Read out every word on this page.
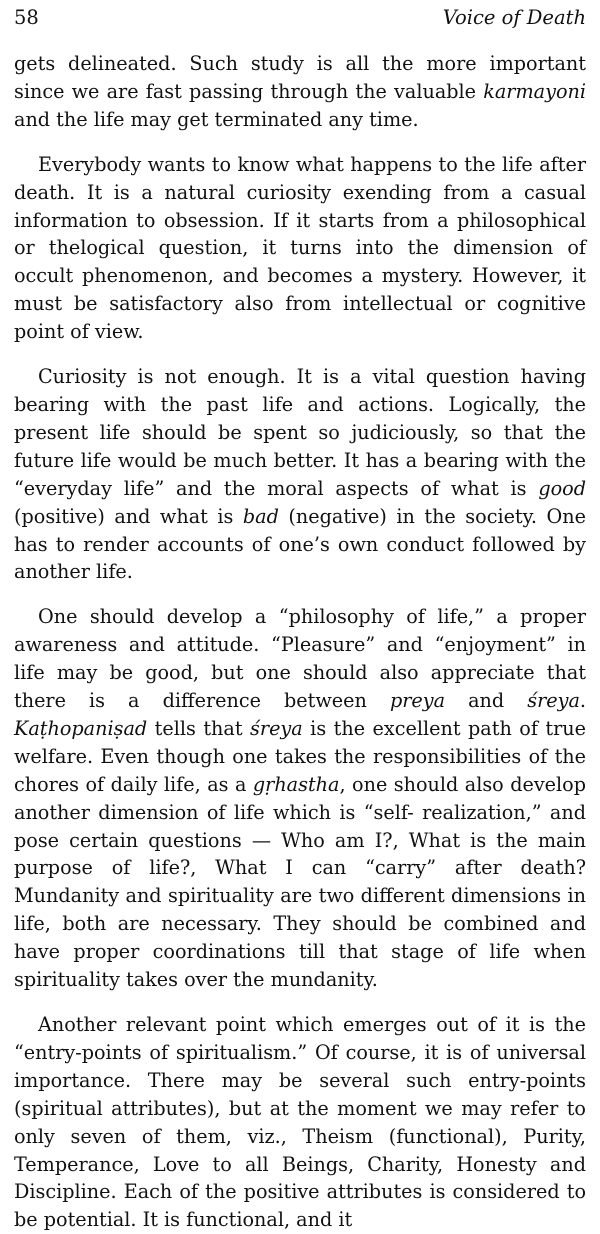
58	Voice of Death

gets delineated. Such study is all the more important since we are fast passing through the valuable karmayoni and the life may get terminated any time.

Everybody wants to know what happens to the life after death. It is a natural curiosity exending from a casual information to obsession. If it starts from a philosophical or thelogical question, it turns into the dimension of occult phenomenon, and becomes a mystery. However, it must be satisfactory also from intellectual or cognitive point of view.

Curiosity is not enough. It is a vital question having bearing with the past life and actions. Logically, the present life should be spent so judiciously, so that the future life would be much better. It has a bearing with the “everyday life” and the moral aspects of what is good (positive) and what is bad (negative) in the society. One has to render accounts of one’s own conduct followed by another life.

One should develop a “philosophy of life,” a proper awareness and attitude. “Pleasure” and “enjoyment” in life may be good, but one should also appreciate that there is a difference between preya and śreya. Kaṭhopaniṣad tells that śreya is the excellent path of true welfare. Even though one takes the responsibilities of the chores of daily life, as a gṛhastha, one should also develop another dimension of life which is “self- realization,” and pose certain questions — Who am I?, What is the main purpose of life?, What I can “carry” after death? Mundanity and spirituality are two different dimensions in life, both are necessary. They should be combined and have proper coordinations till that stage of life when spirituality takes over the mundanity.

Another relevant point which emerges out of it is the “entry-points of spiritualism.” Of course, it is of universal importance. There may be several such entry-points (spiritual attributes), but at the moment we may refer to only seven of them, viz., Theism (functional), Purity, Temperance, Love to all Beings, Charity, Honesty and Discipline. Each of the positive attributes is considered to be potential. It is functional, and it
